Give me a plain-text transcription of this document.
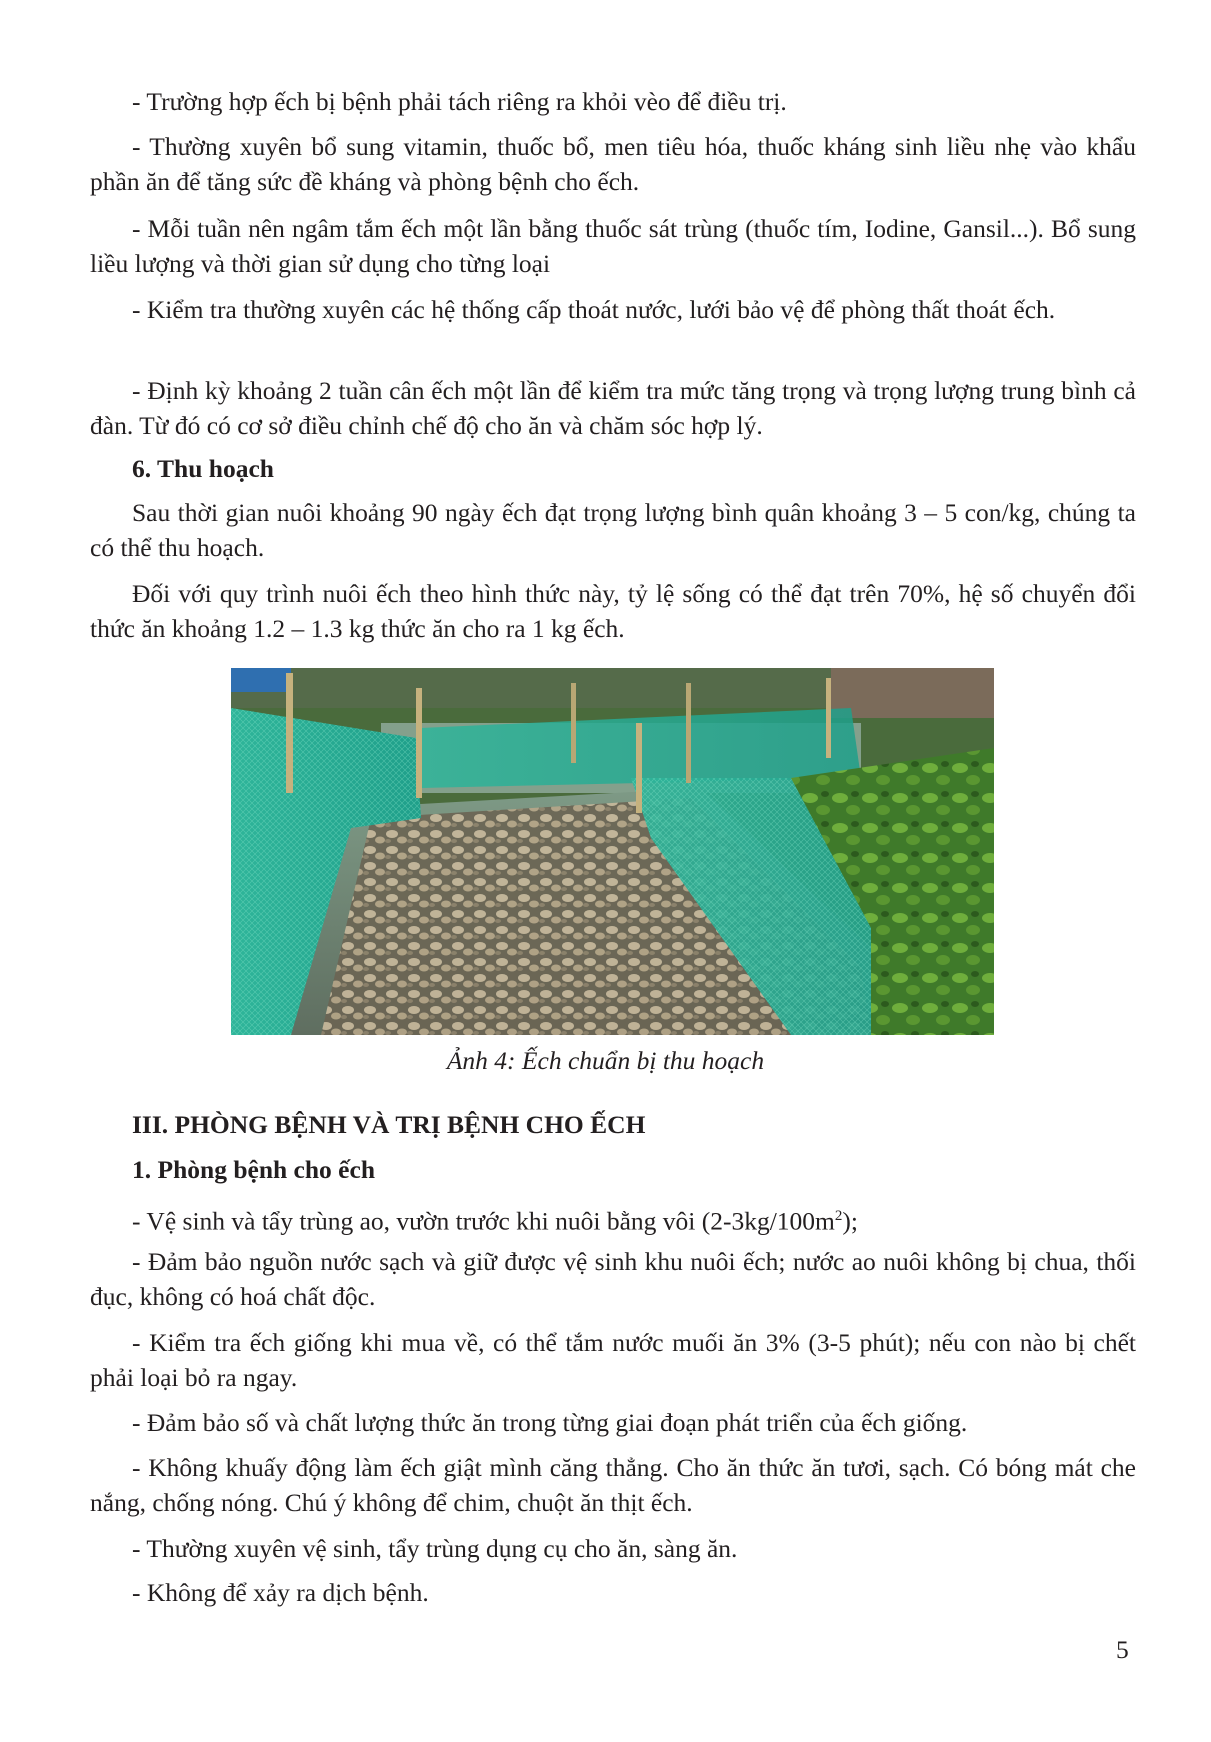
- Trường hợp ếch bị bệnh phải tách riêng ra khỏi vèo để điều trị.

- Thường xuyên bổ sung vitamin, thuốc bổ, men tiêu hóa, thuốc kháng sinh liều nhẹ vào khẩu phần ăn để tăng sức đề kháng và phòng bệnh cho ếch.

- Mỗi tuần nên ngâm tắm ếch một lần bằng thuốc sát trùng (thuốc tím, Iodine, Gansil...). Bổ sung liều lượng và thời gian sử dụng cho từng loại

- Kiểm tra thường xuyên các hệ thống cấp thoát nước, lưới bảo vệ để phòng thất thoát ếch.

- Định kỳ khoảng 2 tuần cân ếch một lần để kiểm tra mức tăng trọng và trọng lượng trung bình cả đàn. Từ đó có cơ sở điều chỉnh chế độ cho ăn và chăm sóc hợp lý.

6. Thu hoạch

Sau thời gian nuôi khoảng 90 ngày ếch đạt trọng lượng bình quân khoảng 3 – 5 con/kg, chúng ta có thể thu hoạch.

Đối với quy trình nuôi ếch theo hình thức này, tỷ lệ sống có thể đạt trên 70%, hệ số chuyển đổi thức ăn khoảng 1.2 – 1.3 kg thức ăn cho ra 1 kg ếch.

Ảnh 4: Ếch chuẩn bị thu hoạch
III. PHÒNG BỆNH VÀ TRỊ BỆNH CHO ẾCH
1. Phòng bệnh cho ếch

- Vệ sinh và tẩy trùng ao, vườn trước khi nuôi bằng vôi $(2-3kg/100m^2)$;

- Đảm bảo nguồn nước sạch và giữ được vệ sinh khu nuôi ếch; nước ao nuôi không bị chua, thối đục, không có hoá chất độc.

- Kiểm tra ếch giống khi mua về, có thể tắm nước muối ăn 3% (3-5 phút); nếu con nào bị chết phải loại bỏ ra ngay.

- Đảm bảo số và chất lượng thức ăn trong từng giai đoạn phát triển của ếch giống.

- Không khuấy động làm ếch giật mình căng thẳng. Cho ăn thức ăn tươi, sạch. Có bóng mát che nắng, chống nóng. Chú ý không để chim, chuột ăn thịt ếch.

- Thường xuyên vệ sinh, tẩy trùng dụng cụ cho ăn, sàng ăn.

- Không để xảy ra dịch bệnh.

5
